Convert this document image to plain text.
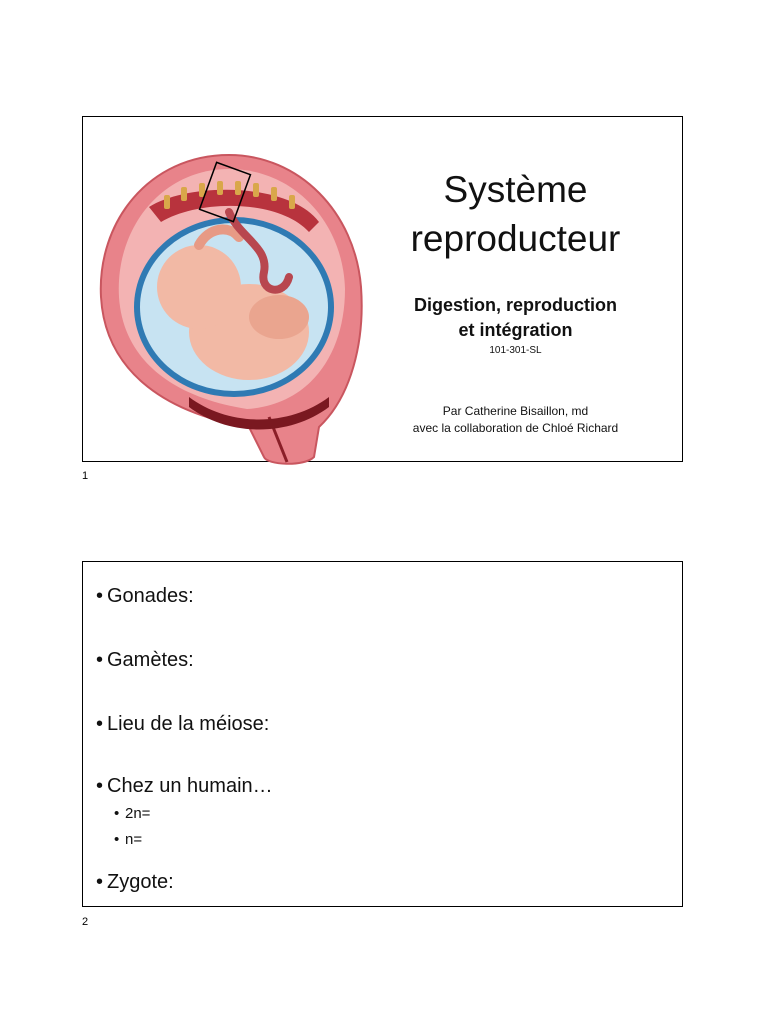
Système
reproducteur
Digestion, reproduction
et intégration
101-301-SL
Par Catherine Bisaillon, md
avec la collaboration de Chloé Richard
1
• Gonades:
• Gamètes:
• Lieu de la méiose:
• Chez un humain…
• 2n=
• n=
• Zygote:
2
